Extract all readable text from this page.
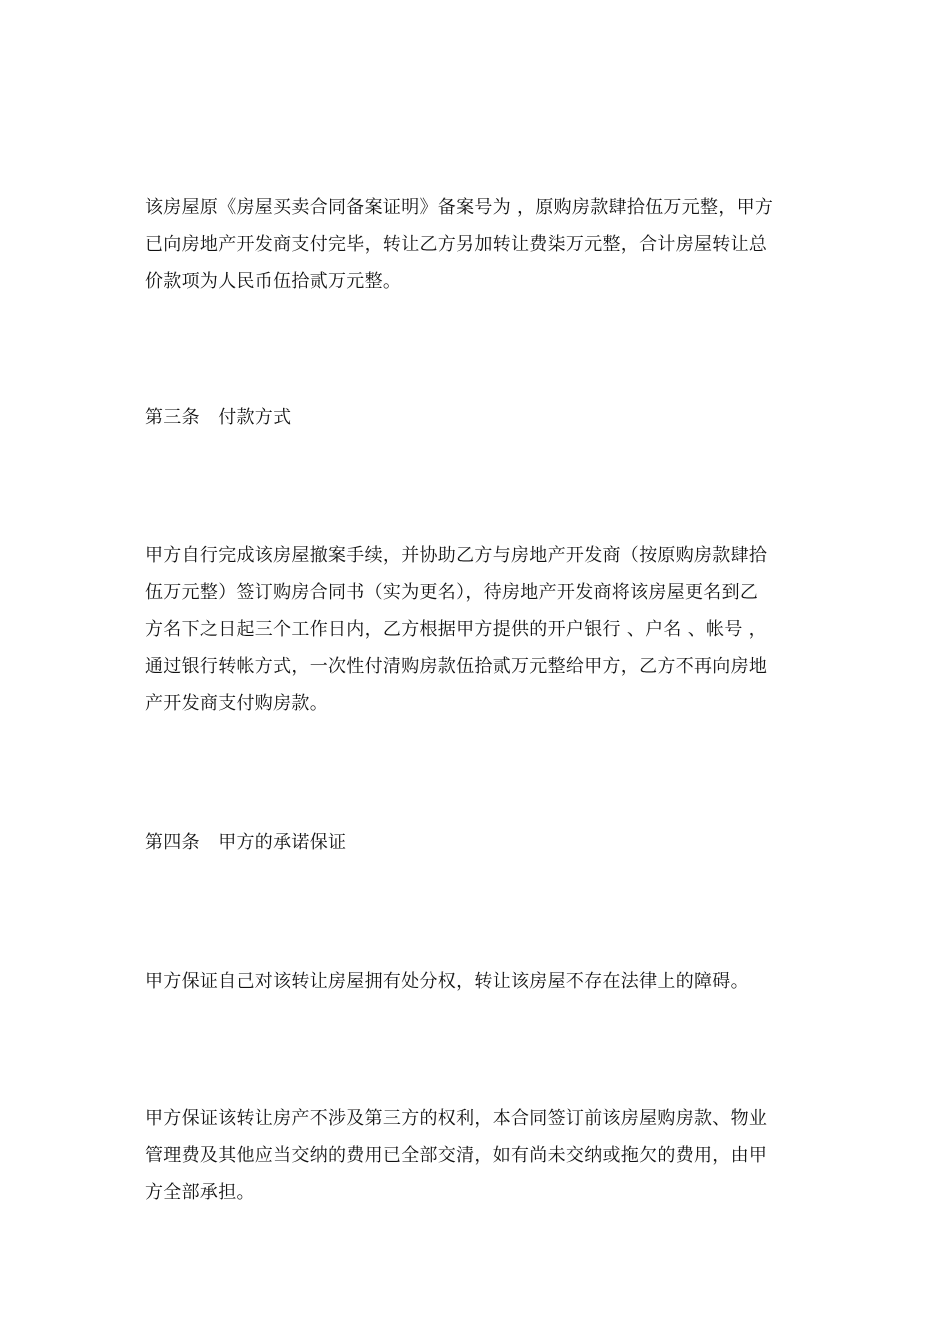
该房屋原《房屋买卖合同备案证明》备案号为 ，原购房款肆拾伍万元整，甲方
已向房地产开发商支付完毕，转让乙方另加转让费柒万元整，合计房屋转让总
价款项为人民币伍拾贰万元整。
第三条　付款方式
甲方自行完成该房屋撤案手续，并协助乙方与房地产开发商（按原购房款肆拾
伍万元整）签订购房合同书（实为更名），待房地产开发商将该房屋更名到乙
方名下之日起三个工作日内，乙方根据甲方提供的开户银行 、户名 、帐号 ，
通过银行转帐方式，一次性付清购房款伍拾贰万元整给甲方，乙方不再向房地
产开发商支付购房款。
第四条　甲方的承诺保证
甲方保证自己对该转让房屋拥有处分权，转让该房屋不存在法律上的障碍。
甲方保证该转让房产不涉及第三方的权利，本合同签订前该房屋购房款、物业
管理费及其他应当交纳的费用已全部交清，如有尚未交纳或拖欠的费用，由甲
方全部承担。
